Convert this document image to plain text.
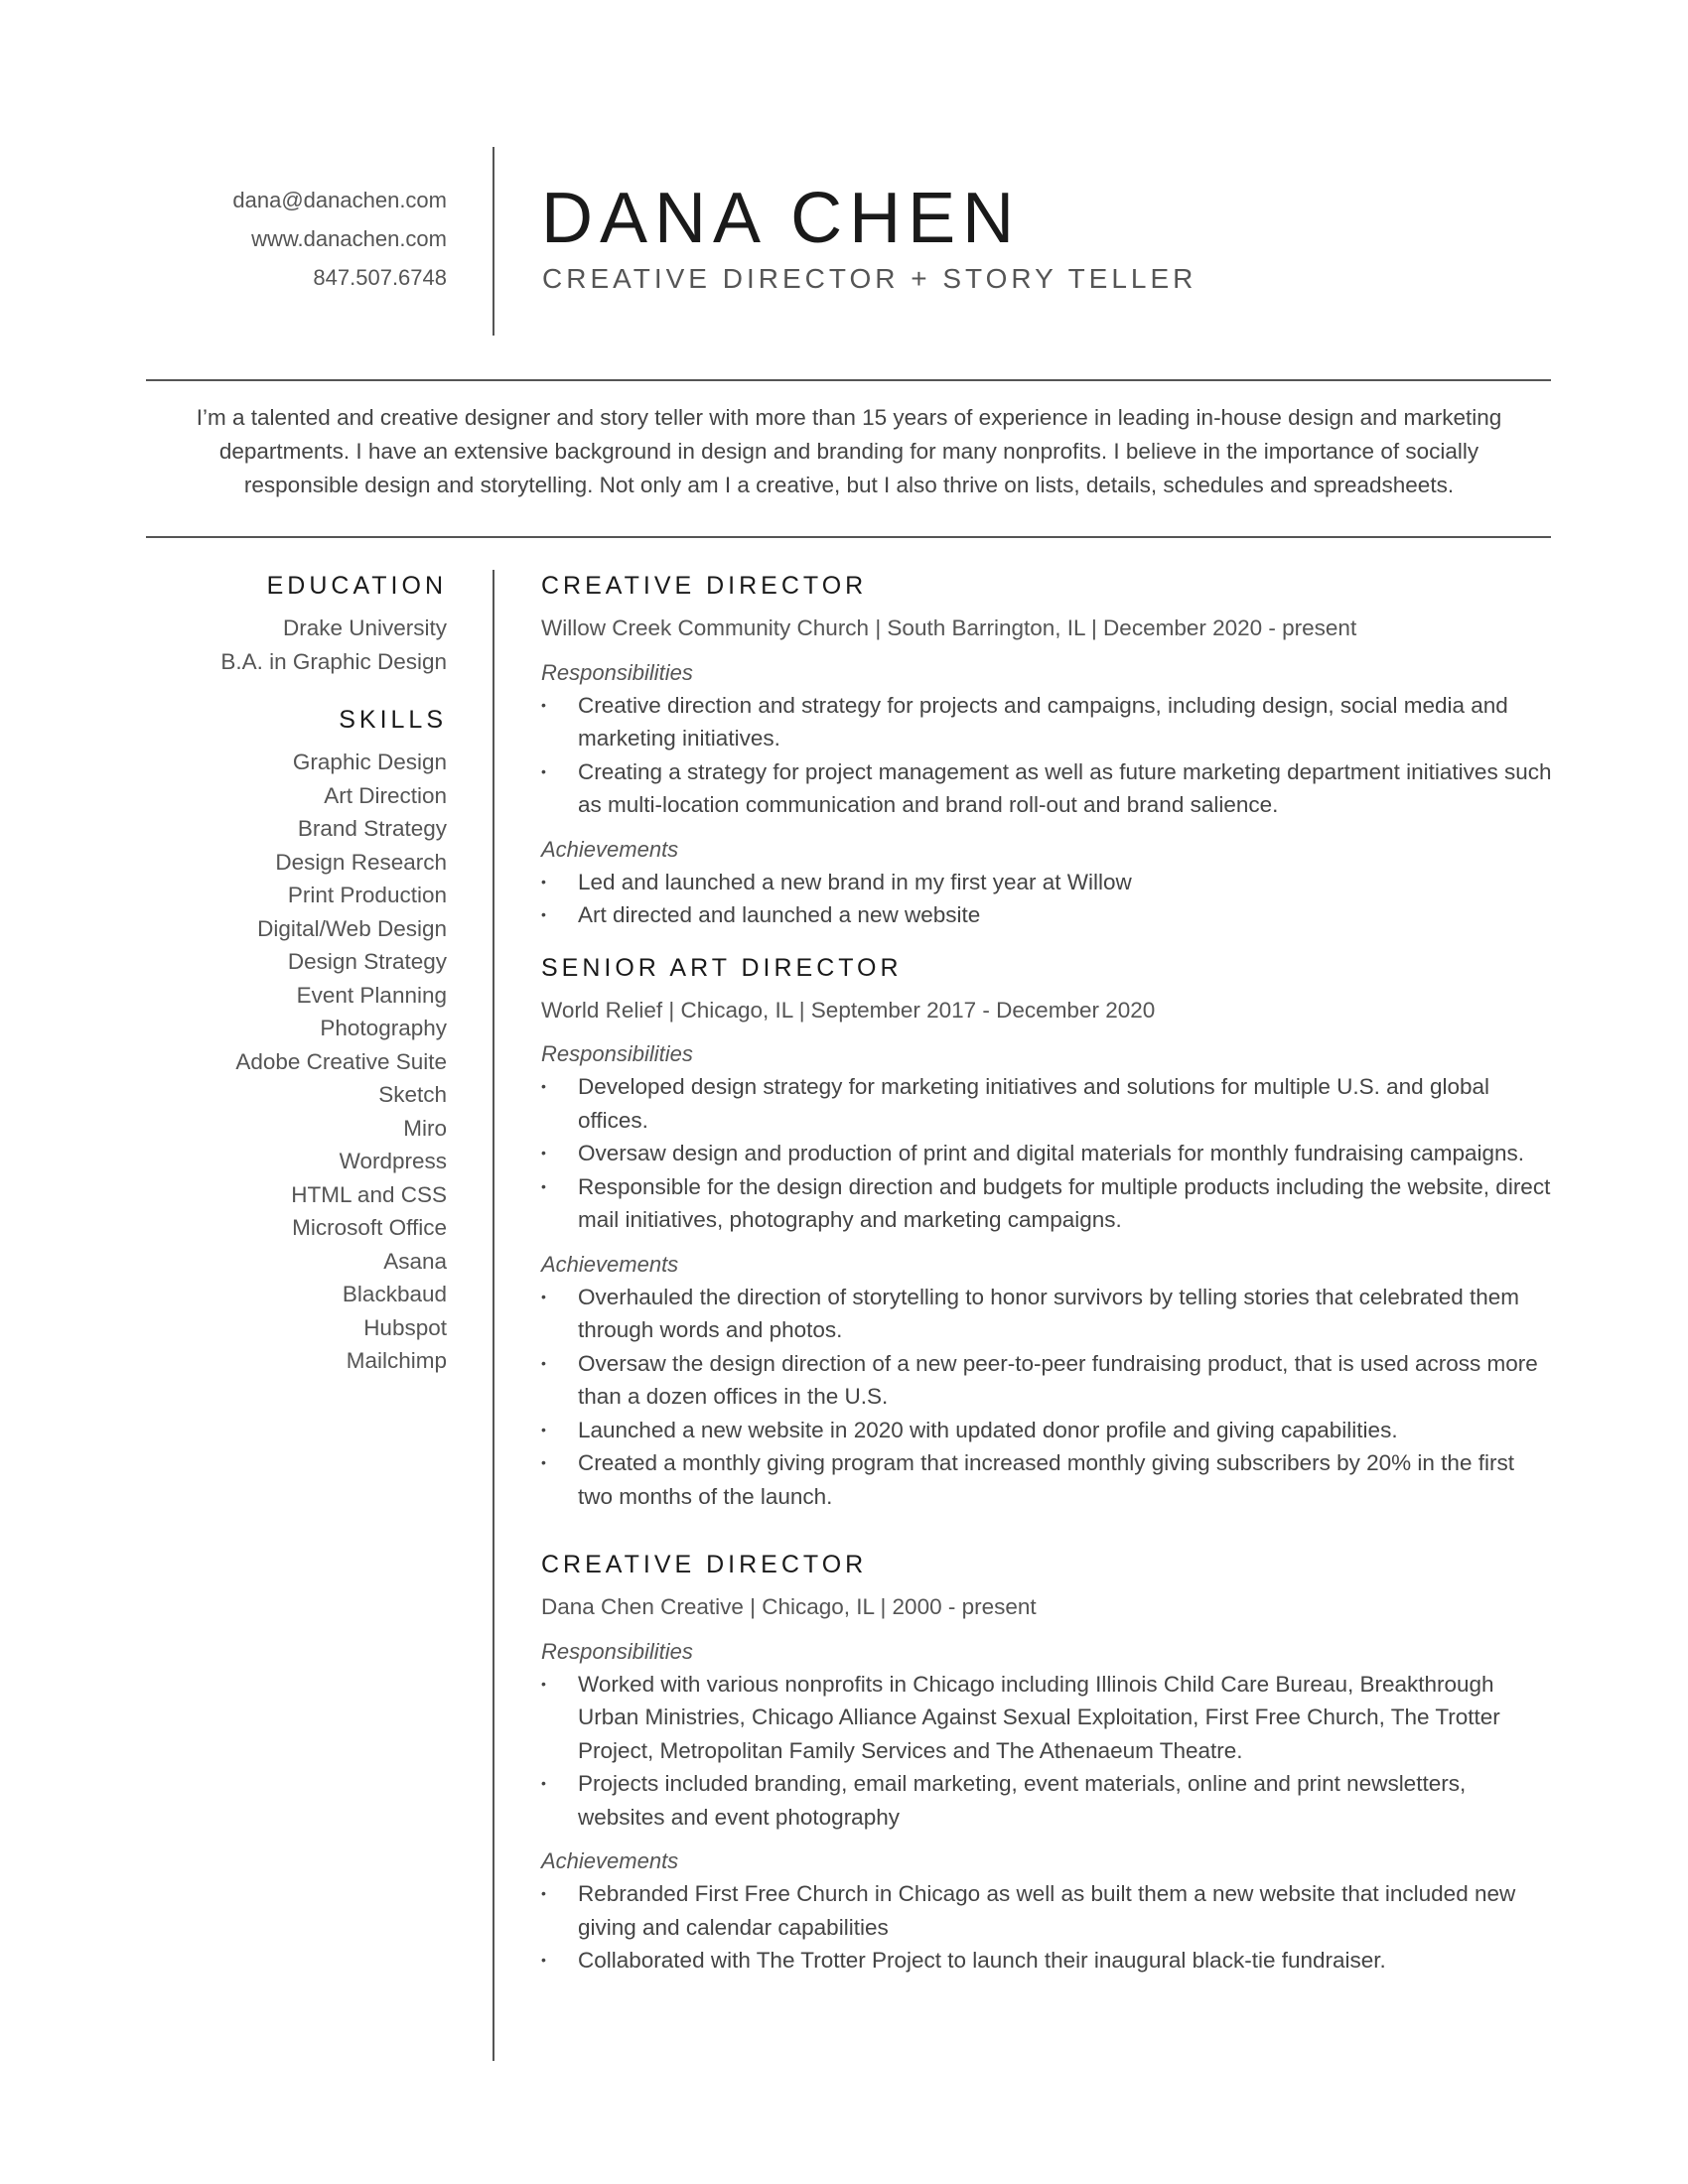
dana@danachen.com
www.danachen.com
847.507.6748
DANA CHEN
CREATIVE DIRECTOR + STORY TELLER
I’m a talented and creative designer and story teller with more than 15 years of experience in leading in-house design and marketing
departments. I have an extensive background in design and branding for many nonprofits. I believe in the importance of socially
responsible design and storytelling. Not only am I a creative, but I also thrive on lists, details, schedules and spreadsheets.
EDUCATION
Drake University
B.A. in Graphic Design
SKILLS
Graphic Design
Art Direction
Brand Strategy
Design Research
Print Production
Digital/Web Design
Design Strategy
Event Planning
Photography
Adobe Creative Suite
Sketch
Miro
Wordpress
HTML and CSS
Microsoft Office
Asana
Blackbaud
Hubspot
Mailchimp
CREATIVE DIRECTOR
Willow Creek Community Church | South Barrington, IL | December 2020 - present
Responsibilities
• Creative direction and strategy for projects and campaigns, including design, social media and marketing initiatives.
• Creating a strategy for project management as well as future marketing department initiatives such as multi-location communication and brand roll-out and brand salience.
Achievements
• Led and launched a new brand in my first year at Willow
• Art directed and launched a new website
SENIOR ART DIRECTOR
World Relief | Chicago, IL | September 2017 - December 2020
Responsibilities
• Developed design strategy for marketing initiatives and solutions for multiple U.S. and global offices.
• Oversaw design and production of print and digital materials for monthly fundraising campaigns.
• Responsible for the design direction and budgets for multiple products including the website, direct mail initiatives, photography and marketing campaigns.
Achievements
• Overhauled the direction of storytelling to honor survivors by telling stories that celebrated them through words and photos.
• Oversaw the design direction of a new peer-to-peer fundraising product, that is used across more than a dozen offices in the U.S.
• Launched a new website in 2020 with updated donor profile and giving capabilities.
• Created a monthly giving program that increased monthly giving subscribers by 20% in the first two months of the launch.
CREATIVE DIRECTOR
Dana Chen Creative | Chicago, IL | 2000 - present
Responsibilities
• Worked with various nonprofits in Chicago including Illinois Child Care Bureau, Breakthrough Urban Ministries, Chicago Alliance Against Sexual Exploitation, First Free Church, The Trotter Project, Metropolitan Family Services and The Athenaeum Theatre.
• Projects included branding, email marketing, event materials, online and print newsletters, websites and event photography
Achievements
• Rebranded First Free Church in Chicago as well as built them a new website that included new giving and calendar capabilities
• Collaborated with The Trotter Project to launch their inaugural black-tie fundraiser.
